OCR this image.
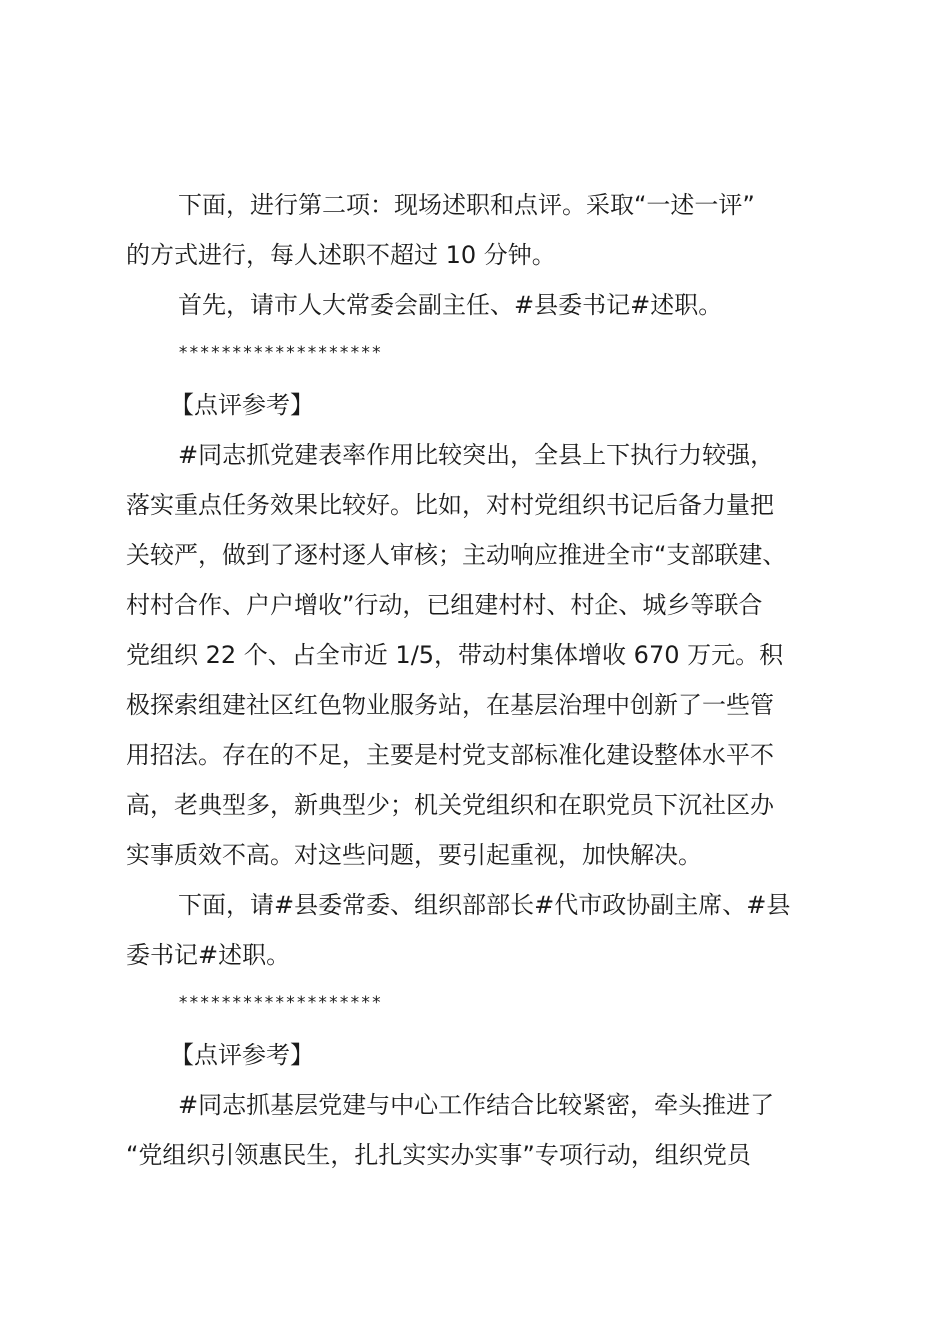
下面，进行第二项：现场述职和点评。采取“一述一评”
的方式进行，每人述职不超过 10 分钟。
首先，请市人大常委会副主任、#县委书记#述职。
*******************
【点评参考】
#同志抓党建表率作用比较突出，全县上下执行力较强，
落实重点任务效果比较好。比如，对村党组织书记后备力量把
关较严，做到了逐村逐人审核；主动响应推进全市“支部联建、
村村合作、户户增收”行动，已组建村村、村企、城乡等联合
党组织 22 个、占全市近 1/5，带动村集体增收 670 万元。积
极探索组建社区红色物业服务站，在基层治理中创新了一些管
用招法。存在的不足，主要是村党支部标准化建设整体水平不
高，老典型多，新典型少；机关党组织和在职党员下沉社区办
实事质效不高。对这些问题，要引起重视，加快解决。
下面，请#县委常委、组织部部长#代市政协副主席、#县
委书记#述职。
*******************
【点评参考】
#同志抓基层党建与中心工作结合比较紧密，牵头推进了
“党组织引领惠民生，扎扎实实办实事”专项行动，组织党员
